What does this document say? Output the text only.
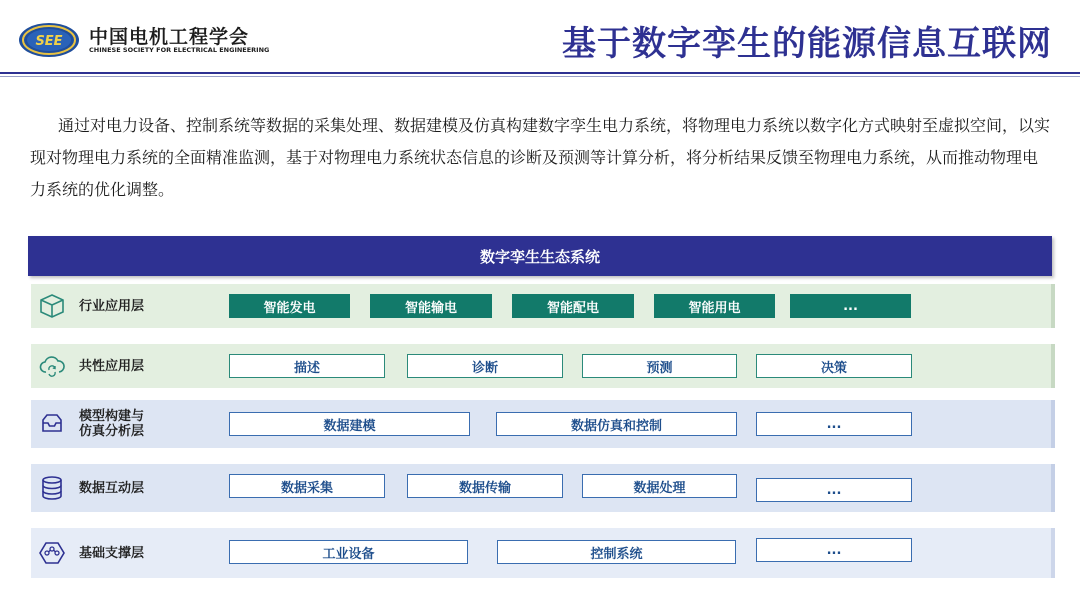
SEE 中国电机工程学会
CHINESE SOCIETY FOR ELECTRICAL ENGINEERING	基于数字孪生的能源信息互联网

通过对电力设备、控制系统等数据的采集处理、数据建模及仿真构建数字孪生电力系统，将物理电力系统以数字化方式映射至虚拟空间，以实现对物理电力系统的全面精准监测，基于对物理电力系统状态信息的诊断及预测等计算分析，将分析结果反馈至物理电力系统，从而推动物理电力系统的优化调整。

数字孪生生态系统
行业应用层	智能发电	智能输电	智能配电	智能用电	...
共性应用层	描述	诊断	预测	决策
模型构建与
仿真分析层	数据建模	数据仿真和控制	...
数据互动层	数据采集	数据传输	数据处理	...
基础支撑层	工业设备	控制系统	...
